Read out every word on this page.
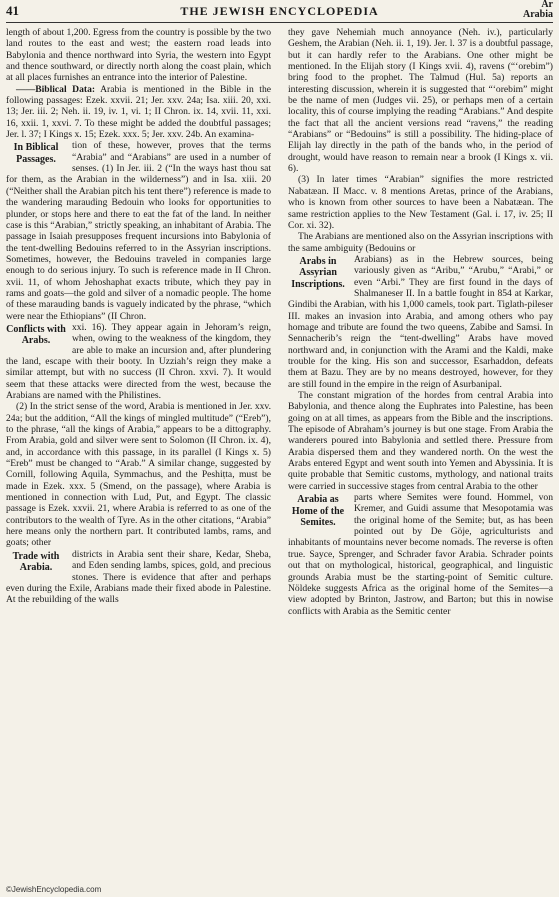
41	THE JEWISH ENCYCLOPEDIA	Ar
Arabia

length of about 1,200. Egress from the country is possible by the two land routes to the east and west; the eastern road leads into Babylonia and thence northward into Syria, the western into Egypt and thence southward, or directly north along the coast plain, which at all places furnishes an entrance into the interior of Palestine.

——Biblical Data: Arabia is mentioned in the Bible in the following passages: Ezek. xxvii. 21; Jer. xxv. 24a; Isa. xiii. 20, xxi. 13; Jer. iii. 2; Neh. ii. 19, iv. 1, vi. 1; II Chron. ix. 14, xvii. 11, xxi. 16, xxii. 1, xxvi. 7. To these might be added the doubtful passages; Jer. l. 37; I Kings x. 15; Ezek. xxx. 5; Jer. xxv. 24b. An examina-

In Biblical Passages.

tion of these, however, proves that the terms “Arabia” and “Arabians” are used in a number of senses. (1) In Jer. iii. 2 (“In the ways hast thou sat for them, as the Arabian in the wilderness”) and in Isa. xiii. 20 (“Neither shall the Arabian pitch his tent there”) reference is made to the wandering marauding Bedouin who looks for opportunities to plunder, or stops here and there to eat the fat of the land. In neither case is this “Arabian,” strictly speaking, an inhabitant of Arabia. The passage in Isaiah presupposes frequent incursions into Babylonia of the tent-dwelling Bedouins referred to in the Assyrian inscriptions. Sometimes, however, the Bedouins traveled in companies large enough to do serious injury. To such is reference made in II Chron. xvii. 11, of whom Jehoshaphat exacts tribute, which they pay in rams and goats—the gold and silver of a nomadic people. The home of these marauding bands is vaguely indicated by the phrase, “which were near the Ethiopians” (II Chron.

Conflicts with Arabs.

xxi. 16). They appear again in Jehoram’s reign, when, owing to the weakness of the kingdom, they are able to make an incursion and, after plundering the land, escape with their booty. In Uzziah’s reign they make a similar attempt, but with no success (II Chron. xxvi. 7). It would seem that these attacks were directed from the west, because the Arabians are named with the Philistines.

(2) In the strict sense of the word, Arabia is mentioned in Jer. xxv. 24a; but the addition, “All the kings of mingled multitude” (“Ereb”), to the phrase, “all the kings of Arabia,” appears to be a dittography. From Arabia, gold and silver were sent to Solomon (II Chron. ix. 4), and, in accordance with this passage, in its parallel (I Kings x. 5) “Ereb” must be changed to “Arab.” A similar change, suggested by Cornill, following Aquila, Symmachus, and the Peshiṭta, must be made in Ezek. xxx. 5 (Smend, on the passage), where Arabia is mentioned in connection with Lud, Put, and Egypt. The classic passage is Ezek. xxvii. 21, where Arabia is referred to as one of the contributors to the wealth of Tyre. As in the other citations, “Arabia” here means only the northern part. It contributed lambs, rams, and goats; other

Trade with Arabia.

districts in Arabia sent their share, Kedar, Sheba, and Eden sending lambs, spices, gold, and precious stones. There is evidence that after and perhaps even during the Exile, Arabians made their fixed abode in Palestine. At the rebuilding of the walls

they gave Nehemiah much annoyance (Neh. iv.), particularly Geshem, the Arabian (Neh. ii. 1, 19). Jer. l. 37 is a doubtful passage, but it can hardly refer to the Arabians. One other might be mentioned. In the Elijah story (I Kings xvii. 4), ravens (“‘orebim”) bring food to the prophet. The Talmud (Hul. 5a) reports an interesting discussion, wherein it is suggested that “‘orebim” might be the name of men (Judges vii. 25), or perhaps men of a certain locality, this of course implying the reading “Arabians.” And despite the fact that all the ancient versions read “ravens,” the reading “Arabians” or “Bedouins” is still a possibility. The hiding-place of Elijah lay directly in the path of the bands who, in the period of drought, would have reason to remain near a brook (I Kings x. vii. 6).

(3) In later times “Arabian” signifies the more restricted Nabatæan. II Macc. v. 8 mentions Aretas, prince of the Arabians, who is known from other sources to have been a Nabatæan. The same restriction applies to the New Testament (Gal. i. 17, iv. 25; II Cor. xi. 32).

The Arabians are mentioned also on the Assyrian inscriptions with the same ambiguity (Bedouins or

Arabs in Assyrian Inscriptions.

Arabians) as in the Hebrew sources, being variously given as “Aribu,” “Arubu,” “Arabi,” or even “Arbi.” They are first found in the days of Shalmaneser II. In a battle fought in 854 at Karkar, Gindibi the Arabian, with his 1,000 camels, took part. Tiglath-pileser III. makes an invasion into Arabia, and among others who pay homage and tribute are found the two queens, Zabibe and Samsi. In Sennacherib’s reign the “tent-dwelling” Arabs have moved northward and, in conjunction with the Arami and the Kaldi, make trouble for the king. His son and successor, Esarhaddon, defeats them at Bazu. They are by no means destroyed, however, for they are still found in the empire in the reign of Asurbanipal.

The constant migration of the hordes from central Arabia into Babylonia, and thence along the Euphrates into Palestine, has been going on at all times, as appears from the Bible and the inscriptions. The episode of Abraham’s journey is but one stage. From Arabia the wanderers poured into Babylonia and settled there. Pressure from Arabia dispersed them and they wandered north. On the west the Arabs entered Egypt and went south into Yemen and Abyssinia. It is quite probable that Semitic customs, mythology, and national traits were carried in successive stages from central Arabia to the other

Arabia as Home of the Semites.

parts where Semites were found. Hommel, von Kremer, and Guidi assume that Mesopotamia was the original home of the Semite; but, as has been pointed out by De Göje, agriculturists and inhabitants of mountains never become nomads. The reverse is often true. Sayce, Sprenger, and Schrader favor Arabia. Schrader points out that on mythological, historical, geographical, and linguistic grounds Arabia must be the starting-point of Semitic culture. Nöldeke suggests Africa as the original home of the Semites—a view adopted by Brinton, Jastrow, and Barton; but this in nowise conflicts with Arabia as the Semitic center

©JewishEncyclopedia.com
